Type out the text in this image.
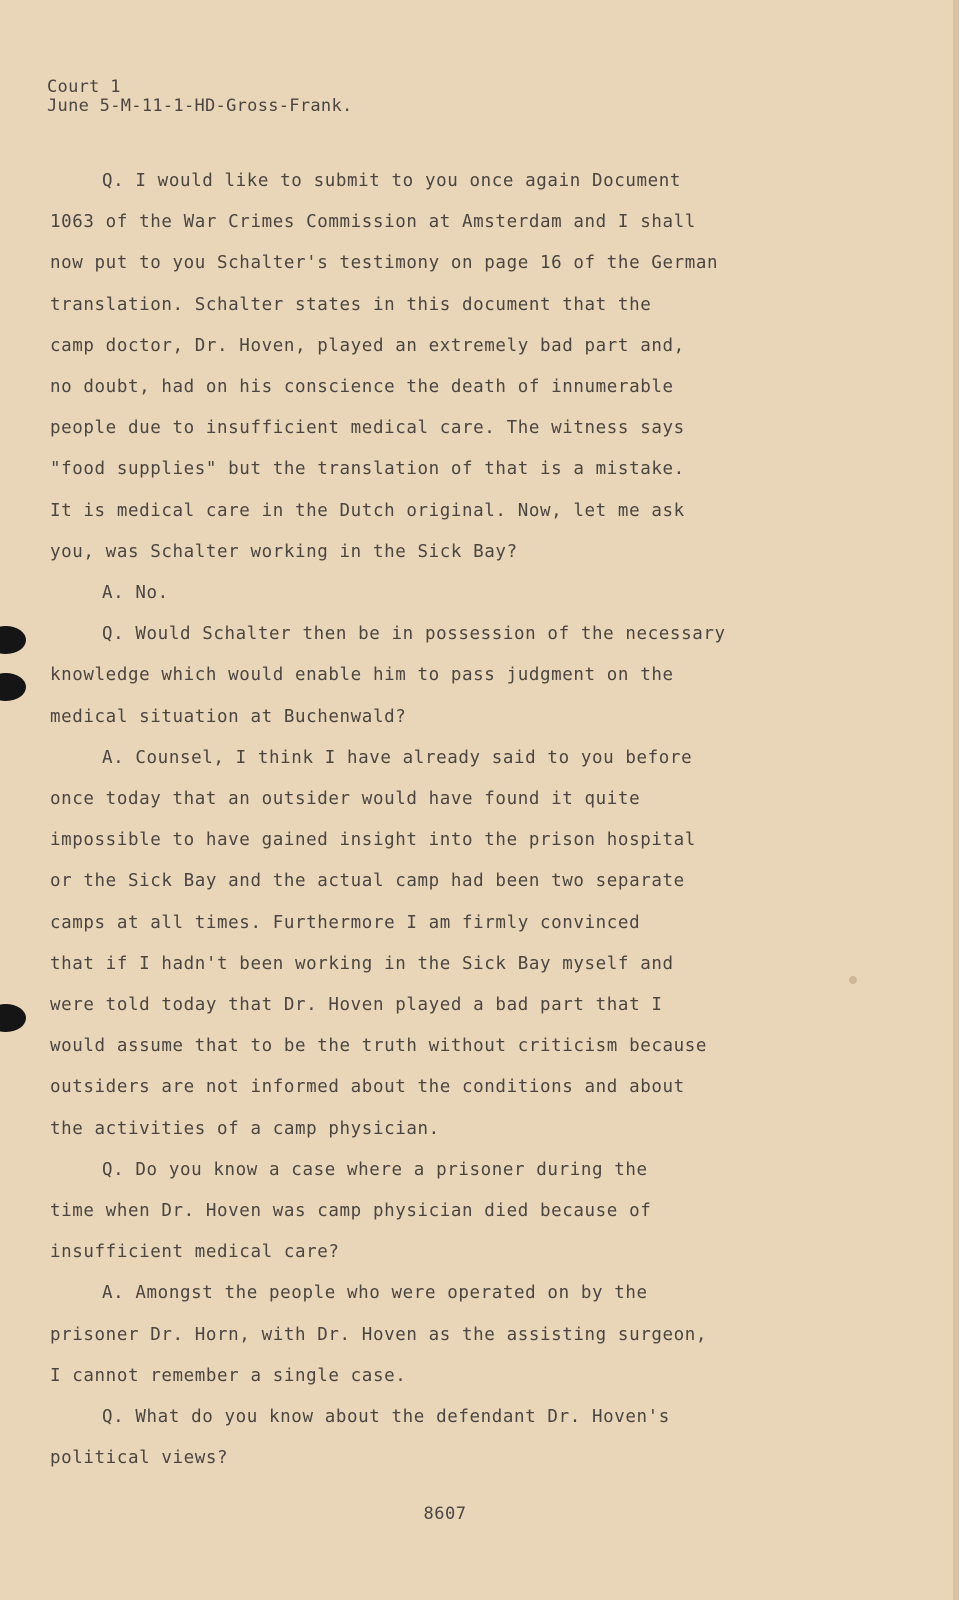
Court 1
June 5-M-11-1-HD-Gross-Frank.

Q. I would like to submit to you once again Document

1063 of the War Crimes Commission at Amsterdam and I shall

now put to you Schalter's testimony on page 16 of the German

translation. Schalter states in this document that the

camp doctor, Dr. Hoven, played an extremely bad part and,

no doubt, had on his conscience the death of innumerable

people due to insufficient medical care. The witness says

"food supplies" but the translation of that is a mistake.

It is medical care in the Dutch original. Now, let me ask

you, was Schalter working in the Sick Bay?

A. No.

Q. Would Schalter then be in possession of the necessary

knowledge which would enable him to pass judgment on the

medical situation at Buchenwald?

A. Counsel, I think I have already said to you before

once today that an outsider would have found it quite

impossible to have gained insight into the prison hospital

or the Sick Bay and the actual camp had been two separate

camps at all times. Furthermore I am firmly convinced

that if I hadn't been working in the Sick Bay myself and

were told today that Dr. Hoven played a bad part that I

would assume that to be the truth without criticism because

outsiders are not informed about the conditions and about

the activities of a camp physician.

Q. Do you know a case where a prisoner during the

time when Dr. Hoven was camp physician died because of

insufficient medical care?

A. Amongst the people who were operated on by the

prisoner Dr. Horn, with Dr. Hoven as the assisting surgeon,

I cannot remember a single case.

Q. What do you know about the defendant Dr. Hoven's

political views?

8607
